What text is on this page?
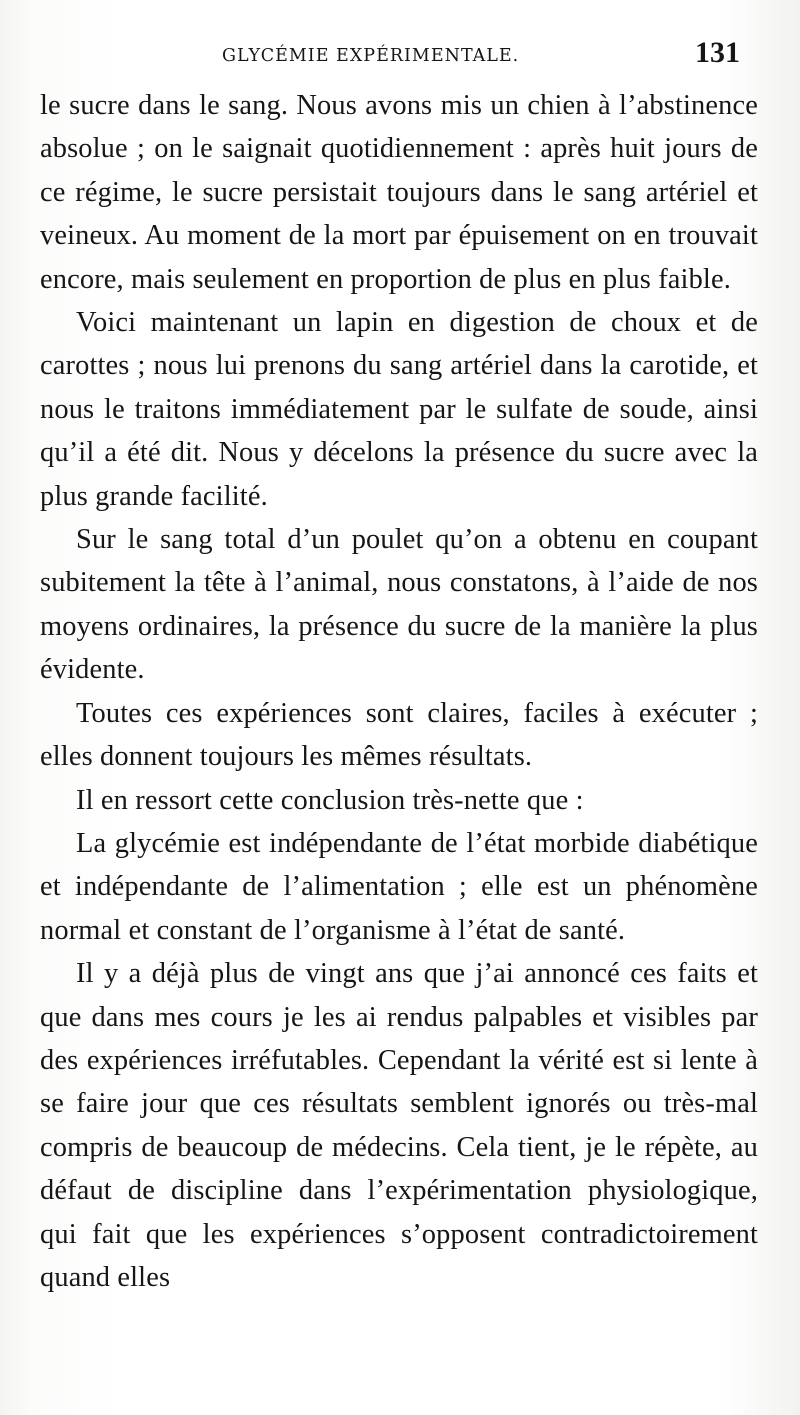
GLYCÉMIE EXPÉRIMENTALE.	131

le sucre dans le sang. Nous avons mis un chien à l’abstinence absolue ; on le saignait quotidiennement : après huit jours de ce régime, le sucre persistait toujours dans le sang artériel et veineux. Au moment de la mort par épuisement on en trouvait encore, mais seulement en proportion de plus en plus faible.

Voici maintenant un lapin en digestion de choux et de carottes ; nous lui prenons du sang artériel dans la carotide, et nous le traitons immédiatement par le sulfate de soude, ainsi qu’il a été dit. Nous y décelons la présence du sucre avec la plus grande facilité.

Sur le sang total d’un poulet qu’on a obtenu en coupant subitement la tête à l’animal, nous constatons, à l’aide de nos moyens ordinaires, la présence du sucre de la manière la plus évidente.

Toutes ces expériences sont claires, faciles à exécuter ; elles donnent toujours les mêmes résultats.

Il en ressort cette conclusion très-nette que :

La glycémie est indépendante de l’état morbide diabétique et indépendante de l’alimentation ; elle est un phénomène normal et constant de l’organisme à l’état de santé.

Il y a déjà plus de vingt ans que j’ai annoncé ces faits et que dans mes cours je les ai rendus palpables et visibles par des expériences irréfutables. Cependant la vérité est si lente à se faire jour que ces résultats semblent ignorés ou très-mal compris de beaucoup de médecins. Cela tient, je le répète, au défaut de discipline dans l’expérimentation physiologique, qui fait que les expériences s’opposent contradictoirement quand elles
